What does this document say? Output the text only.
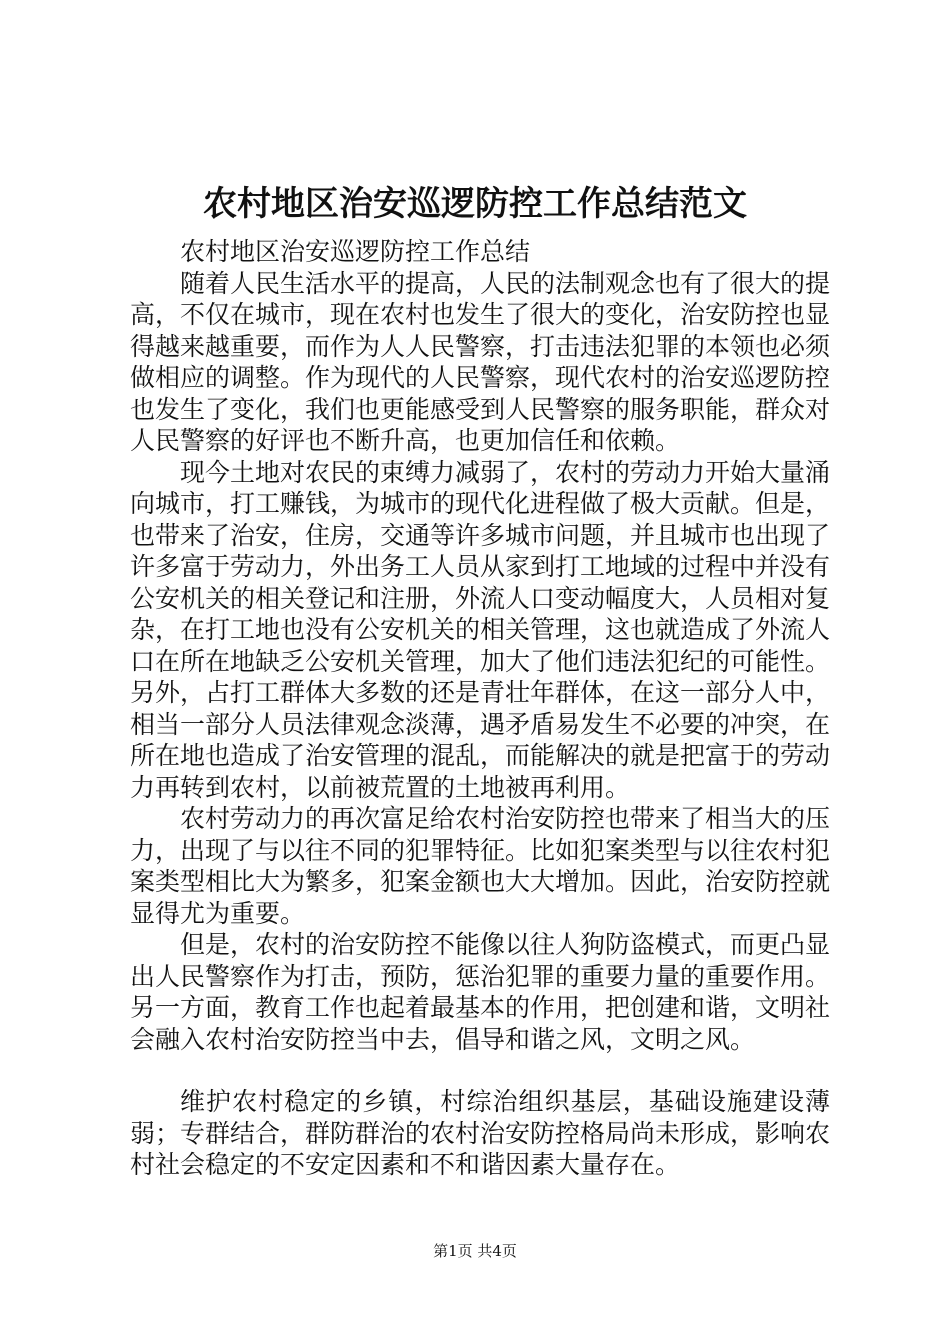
农村地区治安巡逻防控工作总结范文

农村地区治安巡逻防控工作总结

随着人民生活水平的提高，人民的法制观念也有了很大的提高，不仅在城市，现在农村也发生了很大的变化，治安防控也显得越来越重要，而作为人人民警察，打击违法犯罪的本领也必须做相应的调整。作为现代的人民警察，现代农村的治安巡逻防控也发生了变化，我们也更能感受到人民警察的服务职能，群众对人民警察的好评也不断升高，也更加信任和依赖。

现今土地对农民的束缚力减弱了，农村的劳动力开始大量涌向城市，打工赚钱，为城市的现代化进程做了极大贡献。但是，也带来了治安，住房，交通等许多城市问题，并且城市也出现了许多富于劳动力，外出务工人员从家到打工地域的过程中并没有公安机关的相关登记和注册，外流人口变动幅度大，人员相对复杂，在打工地也没有公安机关的相关管理，这也就造成了外流人口在所在地缺乏公安机关管理，加大了他们违法犯纪的可能性。另外，占打工群体大多数的还是青壮年群体，在这一部分人中，相当一部分人员法律观念淡薄，遇矛盾易发生不必要的冲突，在所在地也造成了治安管理的混乱，而能解决的就是把富于的劳动力再转到农村，以前被荒置的土地被再利用。

农村劳动力的再次富足给农村治安防控也带来了相当大的压力，出现了与以往不同的犯罪特征。比如犯案类型与以往农村犯案类型相比大为繁多，犯案金额也大大增加。因此，治安防控就显得尤为重要。

但是，农村的治安防控不能像以往人狗防盗模式，而更凸显出人民警察作为打击，预防，惩治犯罪的重要力量的重要作用。另一方面，教育工作也起着最基本的作用，把创建和谐，文明社会融入农村治安防控当中去，倡导和谐之风，文明之风。

维护农村稳定的乡镇，村综治组织基层，基础设施建设薄弱；专群结合，群防群治的农村治安防控格局尚未形成，影响农村社会稳定的不安定因素和不和谐因素大量存在。

第1页 共4页
